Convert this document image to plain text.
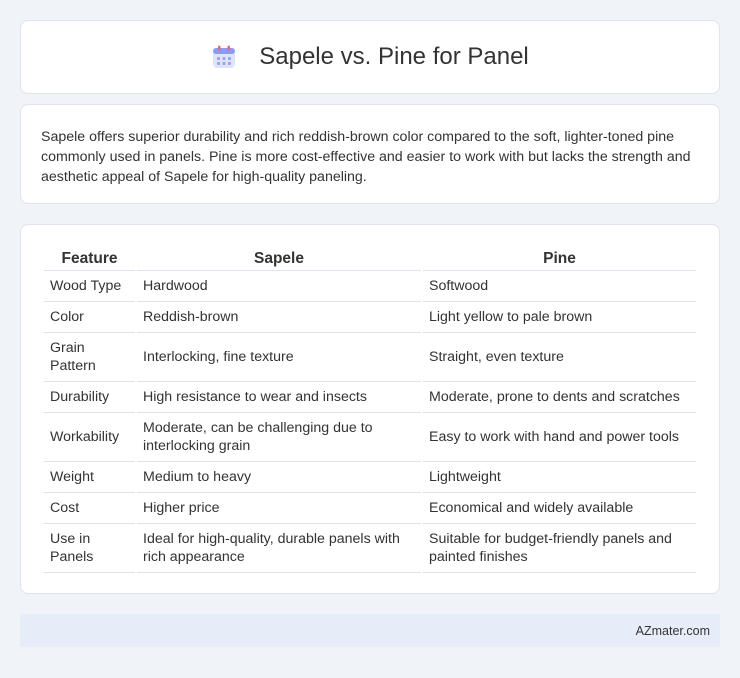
Sapele vs. Pine for Panel

Sapele offers superior durability and rich reddish-brown color compared to the soft, lighter-toned pine commonly used in panels. Pine is more cost-effective and easier to work with but lacks the strength and aesthetic appeal of Sapele for high-quality paneling.

Feature	Sapele	Pine
Wood Type	Hardwood	Softwood
Color	Reddish-brown	Light yellow to pale brown
Grain Pattern	Interlocking, fine texture	Straight, even texture
Durability	High resistance to wear and insects	Moderate, prone to dents and scratches
Workability	Moderate, can be challenging due to interlocking grain	Easy to work with hand and power tools
Weight	Medium to heavy	Lightweight
Cost	Higher price	Economical and widely available
Use in Panels	Ideal for high-quality, durable panels with rich appearance	Suitable for budget-friendly panels and painted finishes
AZmater.com
